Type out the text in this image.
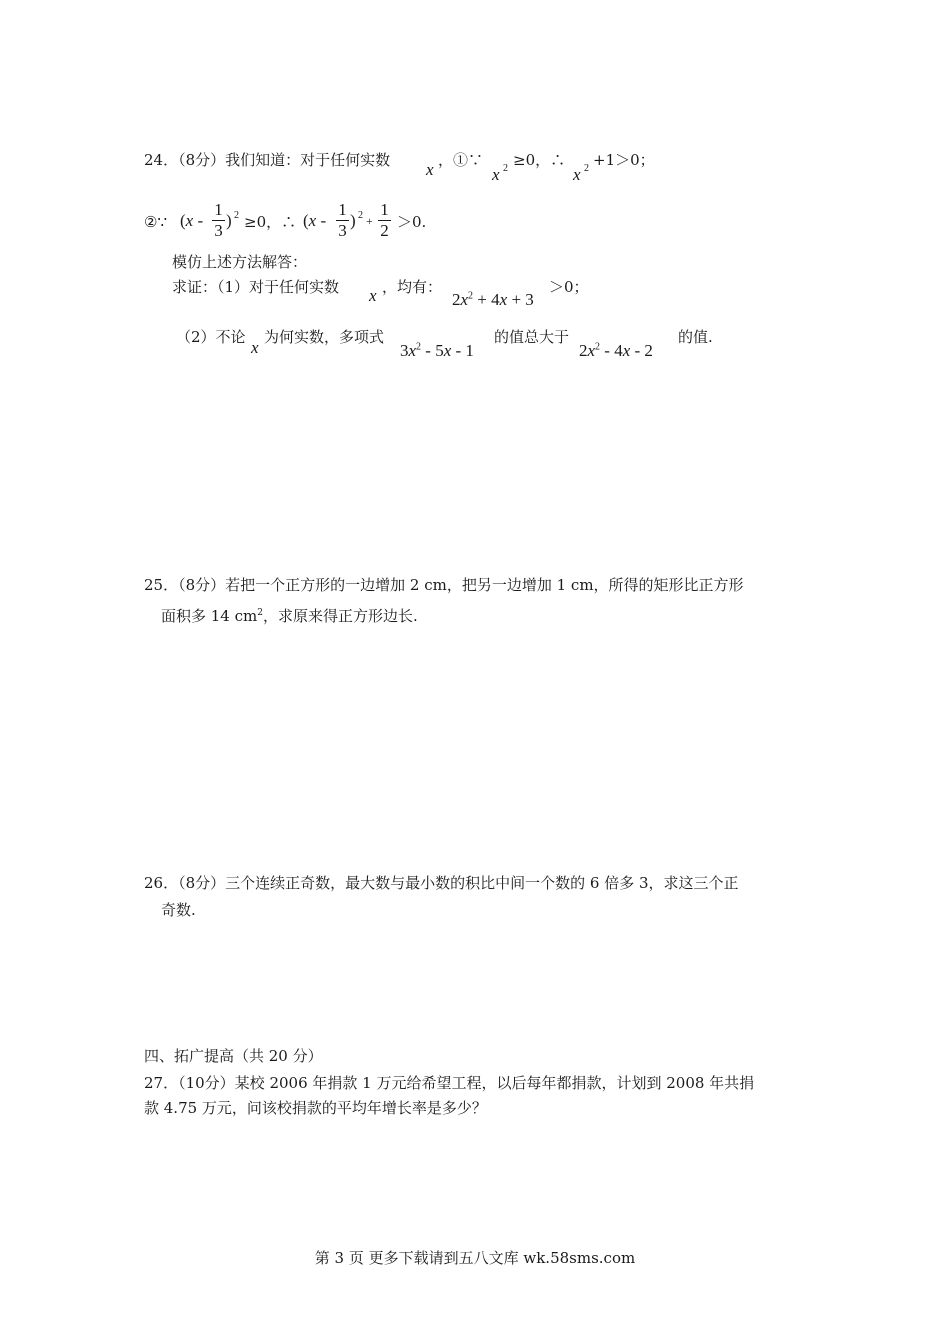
24．（8分）我们知道：对于任何实数 x ，①∵
x 2 ≥0，∴
x 2 +1＞0；
②∵ (x -
1
3
) 2 ≥0，∴ (x -
1
3
) 2 +
1
2 ＞0.
模仿上述方法解答：
求证：（1）对于任何实数 x ，均有：
$2x^2 + 4x + 3$
＞0；
（2）不论
x
为何实数，多项式
$3x^2 - 5x - 1$
的值总大于
$2x^2 - 4x - 2$
的值.
25．（8分）若把一个正方形的一边增加 2 cm，把另一边增加 1 cm，所得的矩形比正方形
面积多 14 $cm^2$，求原来得正方形边长.
26．（8分）三个连续正奇数，最大数与最小数的积比中间一个数的 6 倍多 3，求这三个正
奇数.
四、拓广提高（共 20 分）
27．（10分）某校 2006 年捐款 1 万元给希望工程，以后每年都捐款，计划到 2008 年共捐
款 4.75 万元，问该校捐款的平均年增长率是多少？
第 3 页 更多下载请到五八文库 wk.58sms.com
